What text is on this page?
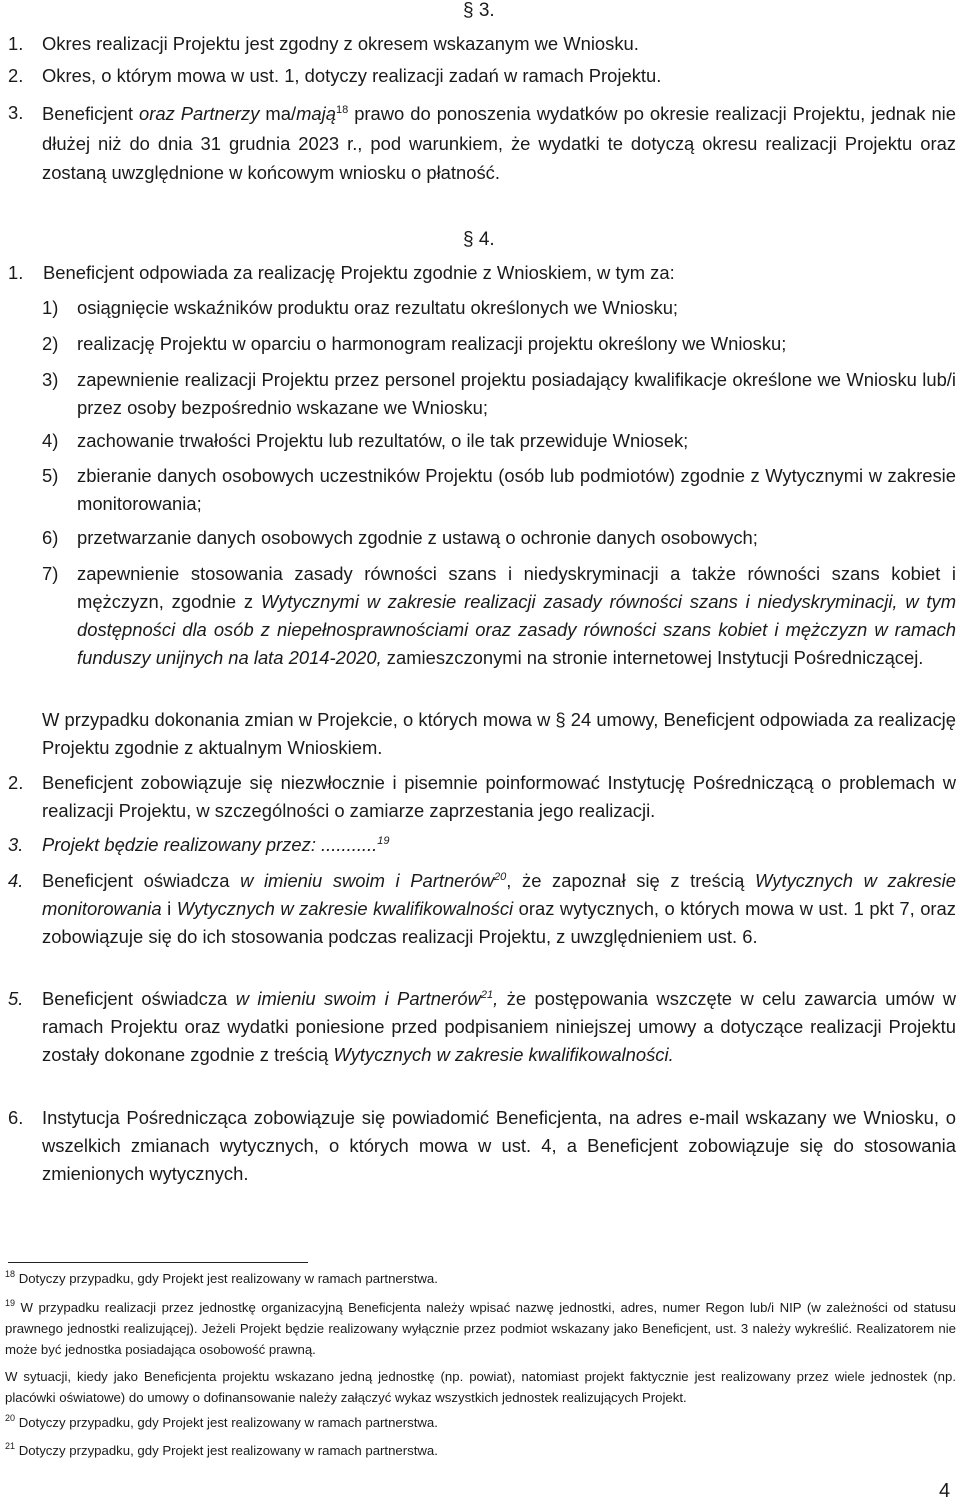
§ 3.
1. Okres realizacji Projektu jest zgodny z okresem wskazanym we Wniosku.
2. Okres, o którym mowa w ust. 1, dotyczy realizacji zadań w ramach Projektu.
3. Beneficjent oraz Partnerzy ma/mają$^{18}$ prawo do ponoszenia wydatków po okresie realizacji Projektu, jednak nie dłużej niż do dnia 31 grudnia 2023 r., pod warunkiem, że wydatki te dotyczą okresu realizacji Projektu oraz zostaną uwzględnione w końcowym wniosku o płatność.
§ 4.
1. Beneficjent odpowiada za realizację Projektu zgodnie z Wnioskiem, w tym za:
1) osiągnięcie wskaźników produktu oraz rezultatu określonych we Wniosku;
2) realizację Projektu w oparciu o harmonogram realizacji projektu określony we Wniosku;
3) zapewnienie realizacji Projektu przez personel projektu posiadający kwalifikacje określone we Wniosku lub/i przez osoby bezpośrednio wskazane we Wniosku;
4) zachowanie trwałości Projektu lub rezultatów, o ile tak przewiduje Wniosek;
5) zbieranie danych osobowych uczestników Projektu (osób lub podmiotów) zgodnie z Wytycznymi w zakresie monitorowania;
6) przetwarzanie danych osobowych zgodnie z ustawą o ochronie danych osobowych;
7) zapewnienie stosowania zasady równości szans i niedyskryminacji a także równości szans kobiet i mężczyzn, zgodnie z Wytycznymi w zakresie realizacji zasady równości szans i niedyskryminacji, w tym dostępności dla osób z niepełnosprawnościami oraz zasady równości szans kobiet i mężczyzn w ramach funduszy unijnych na lata 2014-2020, zamieszczonymi na stronie internetowej Instytucji Pośredniczącej.
W przypadku dokonania zmian w Projekcie, o których mowa w § 24 umowy, Beneficjent odpowiada za realizację Projektu zgodnie z aktualnym Wnioskiem.
2. Beneficjent zobowiązuje się niezwłocznie i pisemnie poinformować Instytucję Pośredniczącą o problemach w realizacji Projektu, w szczególności o zamiarze zaprzestania jego realizacji.
3. Projekt będzie realizowany przez: ...........$^{19}$
4. Beneficjent oświadcza w imieniu swoim i Partnerów$^{20}$, że zapoznał się z treścią Wytycznych w zakresie monitorowania i Wytycznych w zakresie kwalifikowalności oraz wytycznych, o których mowa w ust. 1 pkt 7, oraz zobowiązuje się do ich stosowania podczas realizacji Projektu, z uwzględnieniem ust. 6.
5. Beneficjent oświadcza w imieniu swoim i Partnerów$^{21}$, że postępowania wszczęte w celu zawarcia umów w ramach Projektu oraz wydatki poniesione przed podpisaniem niniejszej umowy a dotyczące realizacji Projektu zostały dokonane zgodnie z treścią Wytycznych w zakresie kwalifikowalności.
6. Instytucja Pośrednicząca zobowiązuje się powiadomić Beneficjenta, na adres e-mail wskazany we Wniosku, o wszelkich zmianach wytycznych, o których mowa w ust. 4, a Beneficjent zobowiązuje się do stosowania zmienionych wytycznych.
$^{18}$ Dotyczy przypadku, gdy Projekt jest realizowany w ramach partnerstwa.
$^{19}$ W przypadku realizacji przez jednostkę organizacyjną Beneficjenta należy wpisać nazwę jednostki, adres, numer Regon lub/i NIP (w zależności od statusu prawnego jednostki realizującej). Jeżeli Projekt będzie realizowany wyłącznie przez podmiot wskazany jako Beneficjent, ust. 3 należy wykreślić. Realizatorem nie może być jednostka posiadająca osobowość prawną.
W sytuacji, kiedy jako Beneficjenta projektu wskazano jedną jednostkę (np. powiat), natomiast projekt faktycznie jest realizowany przez wiele jednostek (np. placówki oświatowe) do umowy o dofinansowanie należy załączyć wykaz wszystkich jednostek realizujących Projekt.
$^{20}$ Dotyczy przypadku, gdy Projekt jest realizowany w ramach partnerstwa.
$^{21}$ Dotyczy przypadku, gdy Projekt jest realizowany w ramach partnerstwa.
4
